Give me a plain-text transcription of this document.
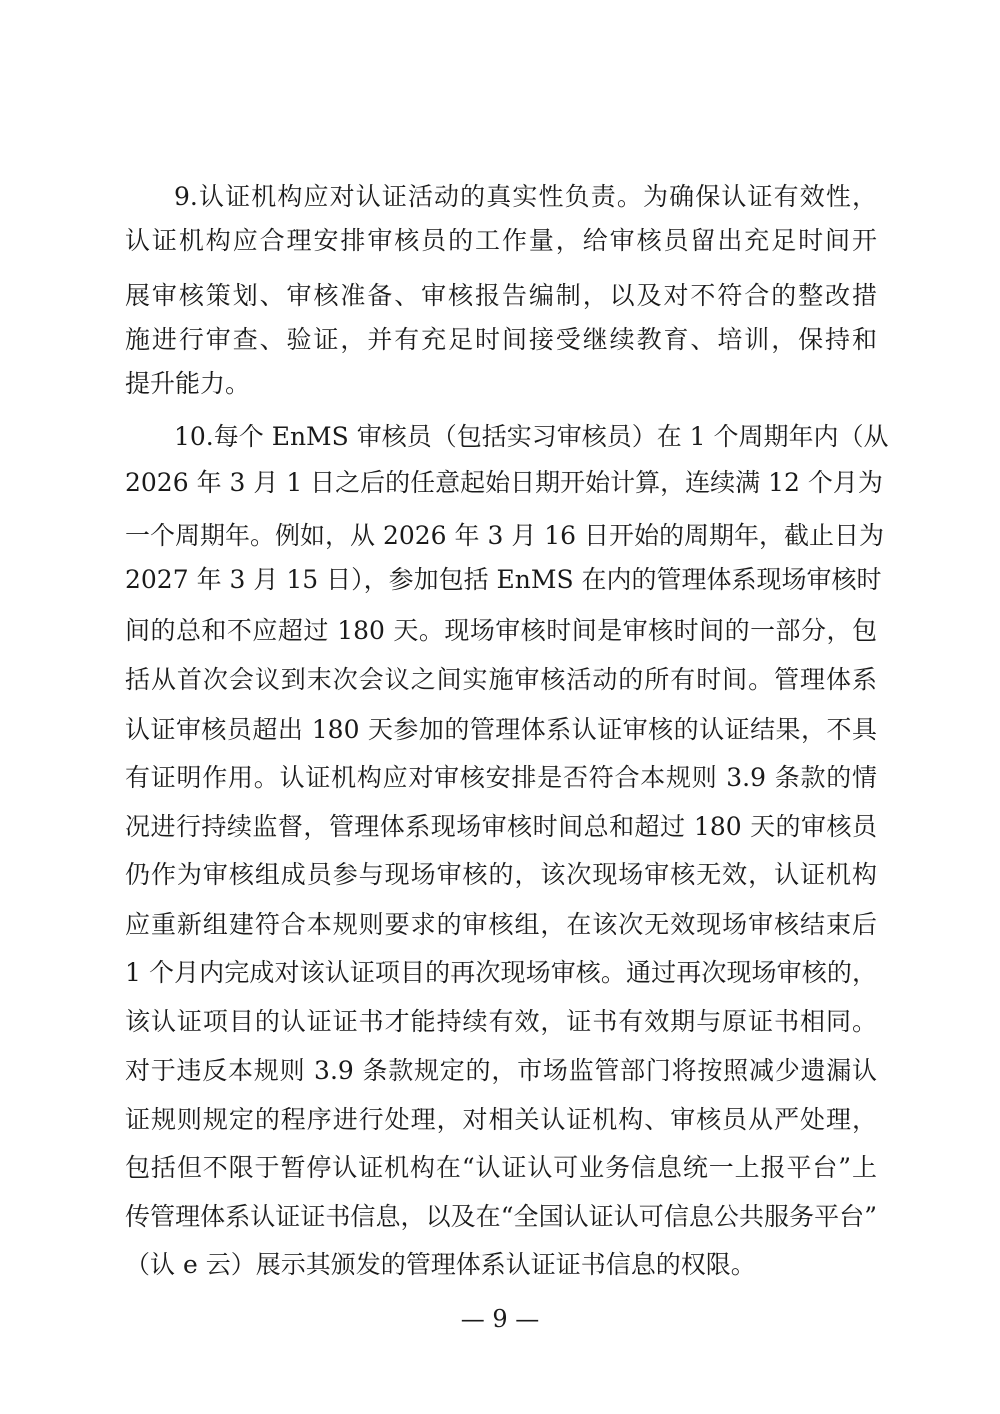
9.认证机构应对认证活动的真实性负责。为确保认证有效性，
认证机构应合理安排审核员的工作量，给审核员留出充足时间开
展审核策划、审核准备、审核报告编制，以及对不符合的整改措
施进行审查、验证，并有充足时间接受继续教育、培训，保持和
提升能力。
10.每个 EnMS 审核员（包括实习审核员）在 1 个周期年内（从
2026 年 3 月 1 日之后的任意起始日期开始计算，连续满 12 个月为
一个周期年。例如，从 2026 年 3 月 16 日开始的周期年，截止日为
2027 年 3 月 15 日），参加包括 EnMS 在内的管理体系现场审核时
间的总和不应超过 180 天。现场审核时间是审核时间的一部分，包
括从首次会议到末次会议之间实施审核活动的所有时间。管理体系
认证审核员超出 180 天参加的管理体系认证审核的认证结果，不具
有证明作用。认证机构应对审核安排是否符合本规则 3.9 条款的情
况进行持续监督，管理体系现场审核时间总和超过 180 天的审核员
仍作为审核组成员参与现场审核的，该次现场审核无效，认证机构
应重新组建符合本规则要求的审核组，在该次无效现场审核结束后
1 个月内完成对该认证项目的再次现场审核。通过再次现场审核的，
该认证项目的认证证书才能持续有效，证书有效期与原证书相同。
对于违反本规则 3.9 条款规定的，市场监管部门将按照减少遗漏认
证规则规定的程序进行处理，对相关认证机构、审核员从严处理，
包括但不限于暂停认证机构在“认证认可业务信息统一上报平台”上
传管理体系认证证书信息，以及在“全国认证认可信息公共服务平台”
（认 e 云）展示其颁发的管理体系认证证书信息的权限。
— 9 —
